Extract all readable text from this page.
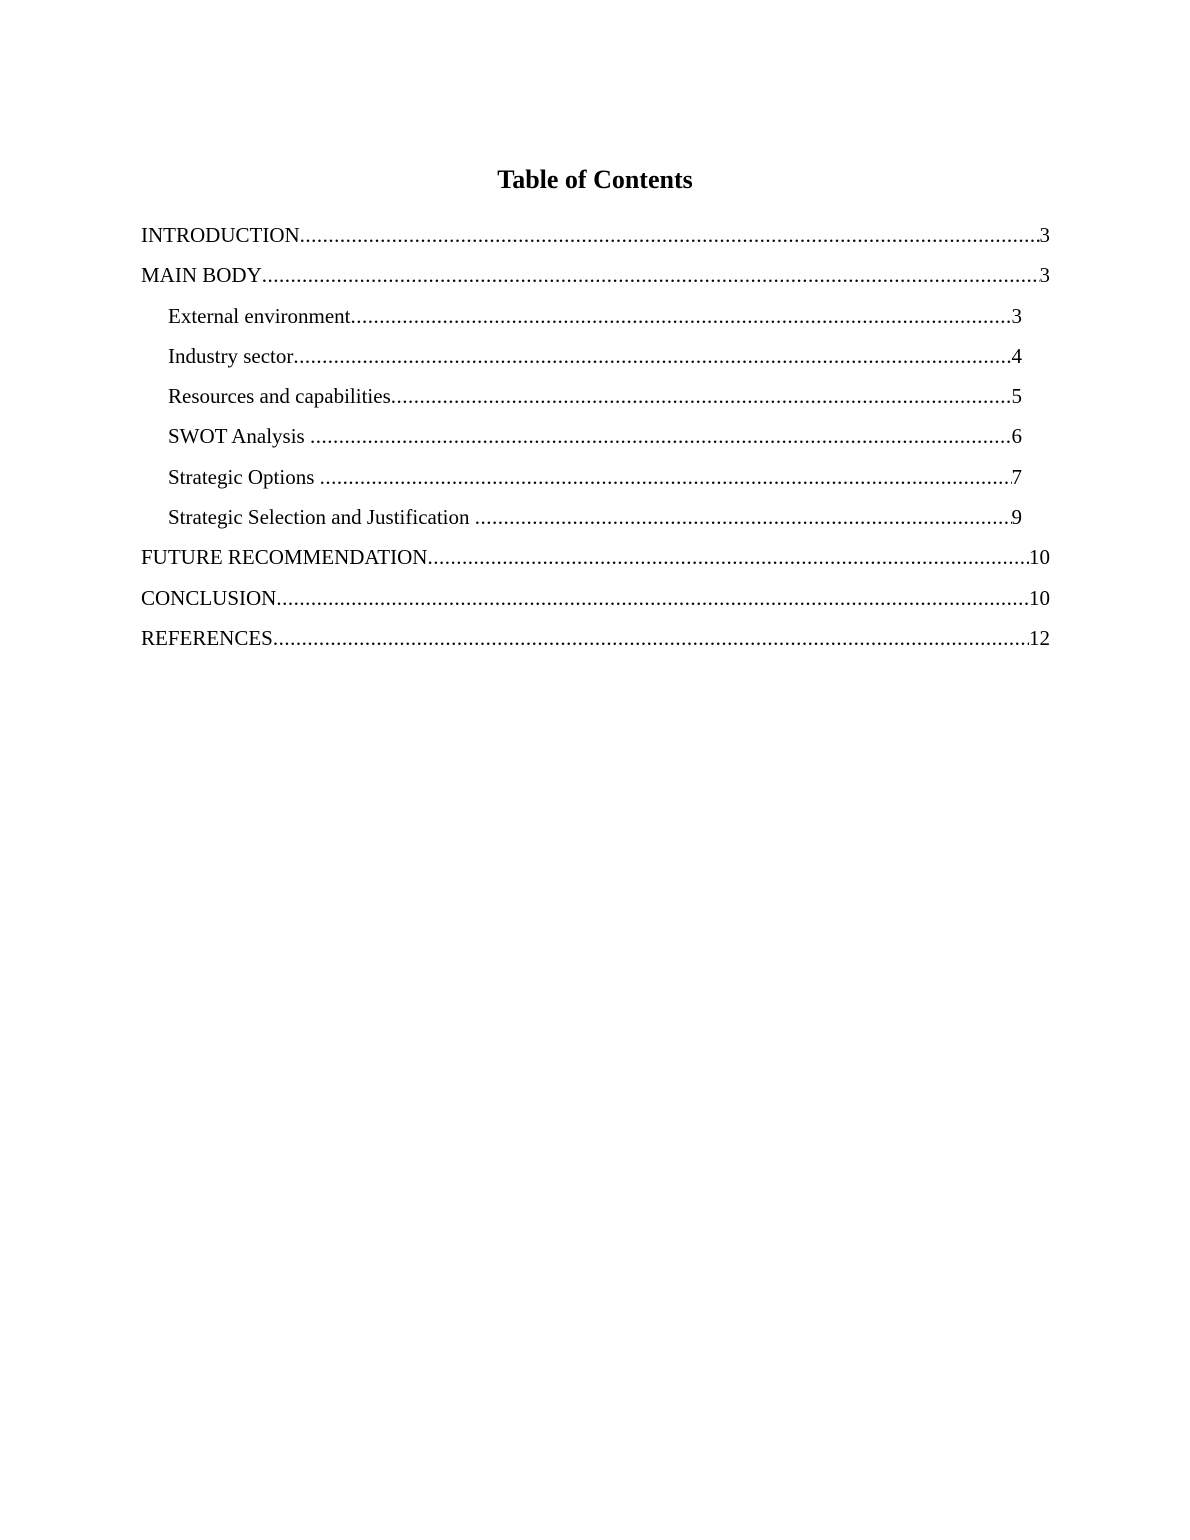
Table of Contents
INTRODUCTION .....	3
MAIN BODY .....	3
External environment .....	3
Industry sector .....	4
Resources and capabilities .....	5
SWOT Analysis .....	6
Strategic Options .....	7
Strategic Selection and Justification .....	9
FUTURE RECOMMENDATION .....	10
CONCLUSION .....	10
REFERENCES .....	12
